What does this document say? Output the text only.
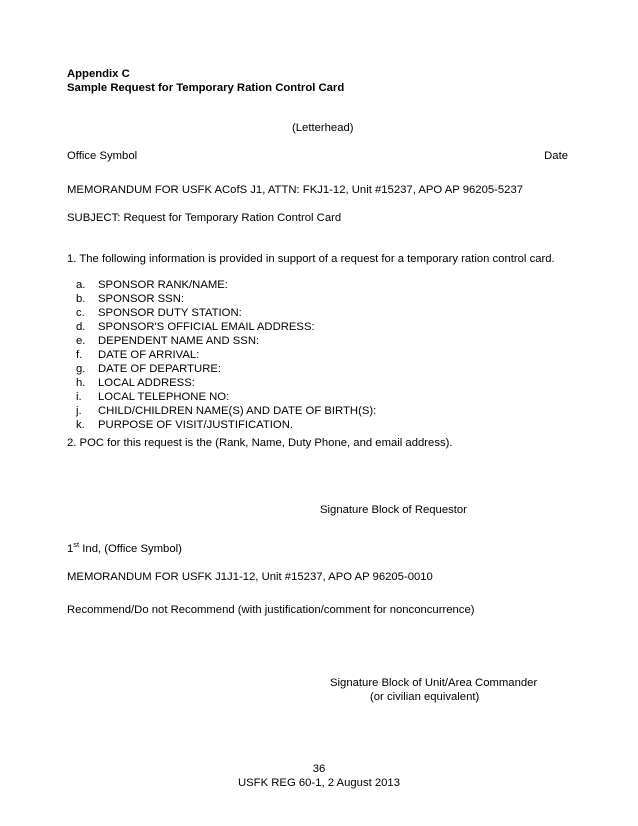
Appendix C
Sample Request for Temporary Ration Control Card
(Letterhead)
Office Symbol	Date
MEMORANDUM FOR USFK ACofS J1, ATTN: FKJ1-12, Unit #15237, APO AP 96205-5237
SUBJECT: Request for Temporary Ration Control Card
1. The following information is provided in support of a request for a temporary ration control card.
a. SPONSOR RANK/NAME:
b. SPONSOR SSN:
c. SPONSOR DUTY STATION:
d. SPONSOR'S OFFICIAL EMAIL ADDRESS:
e. DEPENDENT NAME AND SSN:
f. DATE OF ARRIVAL:
g. DATE OF DEPARTURE:
h. LOCAL ADDRESS:
i. LOCAL TELEPHONE NO:
j. CHILD/CHILDREN NAME(S) AND DATE OF BIRTH(S):
k. PURPOSE OF VISIT/JUSTIFICATION.
2. POC for this request is the (Rank, Name, Duty Phone, and email address).
Signature Block of Requestor
1st Ind, (Office Symbol)
MEMORANDUM FOR USFK J1J1-12, Unit #15237, APO AP 96205-0010
Recommend/Do not Recommend (with justification/comment for nonconcurrence)
Signature Block of Unit/Area Commander
(or civilian equivalent)
36
USFK REG 60-1, 2 August 2013
